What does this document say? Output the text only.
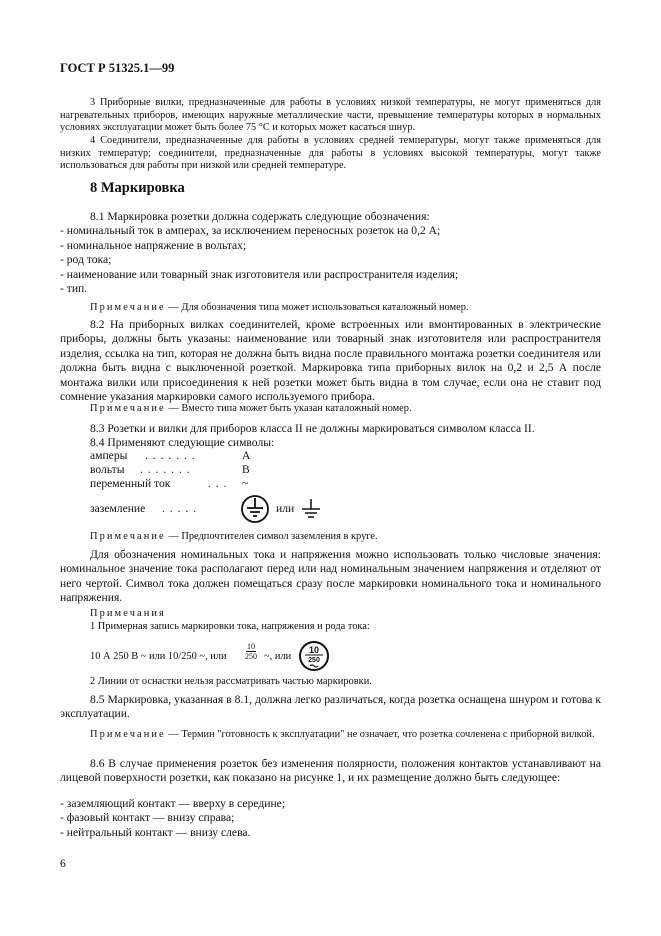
ГОСТ Р 51325.1—99
3 Приборные вилки, предназначенные для работы в условиях низкой температуры, не могут применяться для нагревательных приборов, имеющих наружные металлические части, превышение температуры которых в нормальных условиях эксплуатации может быть более 75 °С и которых может касаться шнур.
4 Соединители, предназначенные для работы в условиях средней температуры, могут также применяться для низких температур; соединители, предназначенные для работы в условиях высокой температуры, могут также использоваться для работы при низкой или средней температуре.
8 Маркировка
8.1 Маркировка розетки должна содержать следующие обозначения:
- номинальный ток в амперах, за исключением переносных розеток на 0,2 А;
- номинальное напряжение в вольтах;
- род тока;
- наименование или товарный знак изготовителя или распространителя изделия;
- тип.
Примечание — Для обозначения типа может использоваться каталожный номер.
8.2 На приборных вилках соединителей, кроме встроенных или вмонтированных в электрические приборы, должны быть указаны: наименование или товарный знак изготовителя или распространителя изделия, ссылка на тип, которая не должна быть видна после правильного монтажа розетки соединителя или должна быть видна с выключенной розеткой. Маркировка типа приборных вилок на 0,2 и 2,5 А после монтажа вилки или присоединения к ней розетки может быть видна в том случае, если она не ставит под сомнение указания маркировки самого используемого прибора.
Примечание — Вместо типа может быть указан каталожный номер.
8.3 Розетки и вилки для приборов класса II не должны маркироваться символом класса II.
8.4 Применяют следующие символы:
амперы . . . . . . .	А
вольты . . . . . . .	В
переменный ток	. . . ~
заземление . . . . .	или
Примечание — Предпочтителен символ заземления в круге.
Для обозначения номинальных тока и напряжения можно использовать только числовые значения: номинальное значение тока располагают перед или над номинальным значением напряжения и отделяют от него чертой. Символ тока должен помещаться сразу после маркировки номинального тока и номинального напряжения.
Примечания
1 Примерная запись маркировки тока, напряжения и рода тока:
10 А 250 В ~ или 10/250 ~, или $\frac{10}{250}$ ~, или
10
250
2 Линии от оснастки нельзя рассматривать частью маркировки.
8.5 Маркировка, указанная в 8.1, должна легко различаться, когда розетка оснащена шнуром и готова к эксплуатации.
Примечание — Термин "готовность к эксплуатации" не означает, что розетка сочленена с приборной вилкой.
8.6 В случае применения розеток без изменения полярности, положения контактов устанавливают на лицевой поверхности розетки, как показано на рисунке 1, и их размещение должно быть следующее:
- заземляющий контакт — вверху в середине;
- фазовый контакт — внизу справа;
- нейтральный контакт — внизу слева.
6
